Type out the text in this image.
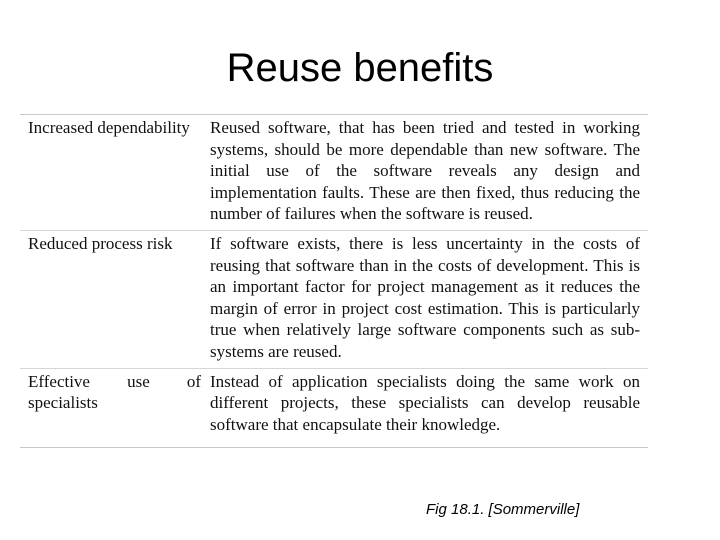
Reuse benefits
Increased dependability	Reused software, that has been tried and tested in working systems, should be more dependable than new software. The initial use of the software reveals any design and implementation faults. These are then fixed, thus reducing the number of failures when the software is reused.
Reduced process risk	If software exists, there is less uncertainty in the costs of reusing that software than in the costs of development. This is an important factor for project management as it reduces the margin of error in project cost estimation. This is particularly true when relatively large software components such as sub-systems are reused.
Effective use of specialists
Instead of application specialists doing the same work on different projects, these specialists can develop reusable software that encapsulate their knowledge.
Fig 18.1. [Sommerville]
